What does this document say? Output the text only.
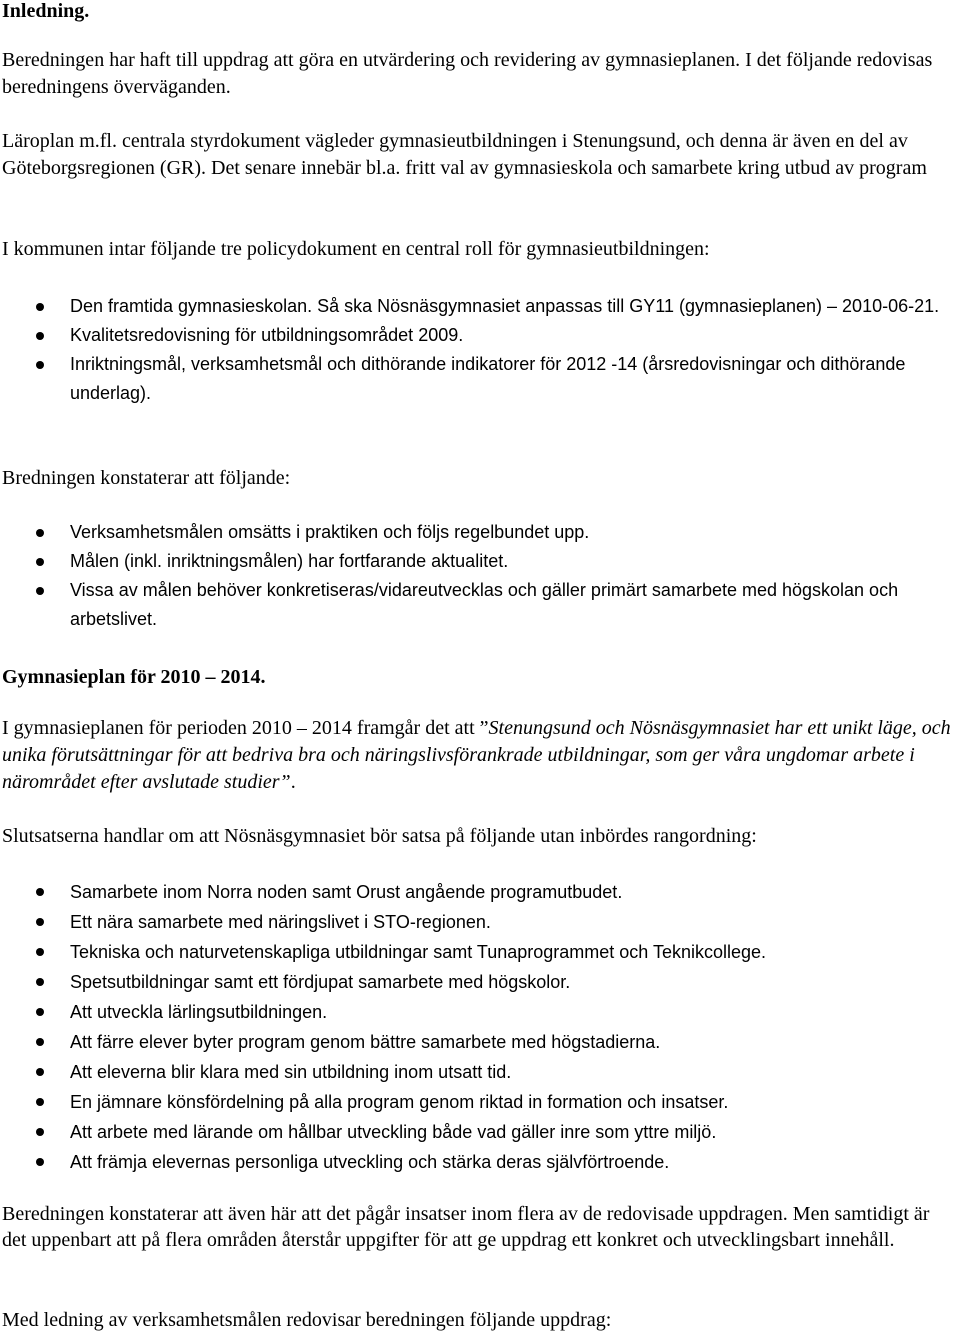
Inledning.

Beredningen har haft till uppdrag att göra en utvärdering och revidering av gymnasieplanen. I det följande redovisas beredningens överväganden.

Läroplan m.fl. centrala styrdokument vägleder gymnasieutbildningen i Stenungsund, och denna är även en del av Göteborgsregionen (GR). Det senare innebär bl.a. fritt val av gymnasieskola och samarbete kring utbud av program

I kommunen intar följande tre policydokument en central roll för gymnasieutbildningen:

Den framtida gymnasieskolan. Så ska Nösnäsgymnasiet anpassas till GY11 (gymnasieplanen) – 2010-06-21.
Kvalitetsredovisning för utbildningsområdet 2009.
Inriktningsmål, verksamhetsmål och dithörande indikatorer för 2012 -14 (årsredovisningar och dithörande underlag).

Bredningen konstaterar att följande:

Verksamhetsmålen omsätts i praktiken och följs regelbundet upp.
Målen (inkl. inriktningsmålen) har fortfarande aktualitet.
Vissa av målen behöver konkretiseras/vidareutvecklas och gäller primärt samarbete med högskolan och arbetslivet.

Gymnasieplan för 2010 – 2014.

I gymnasieplanen för perioden 2010 – 2014 framgår det att ”Stenungsund och Nösnäsgymnasiet har ett unikt läge, och unika förutsättningar för att bedriva bra och näringslivsförankrade utbildningar, som ger våra ungdomar arbete i närområdet efter avslutade studier”.

Slutsatserna handlar om att Nösnäsgymnasiet bör satsa på följande utan inbördes rangordning:

Samarbete inom Norra noden samt Orust angående programutbudet.
Ett nära samarbete med näringslivet i STO-regionen.
Tekniska och naturvetenskapliga utbildningar samt Tunaprogrammet och Teknikcollege.
Spetsutbildningar samt ett fördjupat samarbete med högskolor.
Att utveckla lärlingsutbildningen.
Att färre elever byter program genom bättre samarbete med högstadierna.
Att eleverna blir klara med sin utbildning inom utsatt tid.
En jämnare könsfördelning på alla program genom riktad in formation och insatser.
Att arbete med lärande om hållbar utveckling både vad gäller inre som yttre miljö.
Att främja elevernas personliga utveckling och stärka deras självförtroende.

Beredningen konstaterar att även här att det pågår insatser inom flera av de redovisade uppdragen. Men samtidigt är det uppenbart att på flera områden återstår uppgifter för att ge uppdrag ett konkret och utvecklingsbart innehåll.

Med ledning av verksamhetsmålen redovisar beredningen följande uppdrag:
